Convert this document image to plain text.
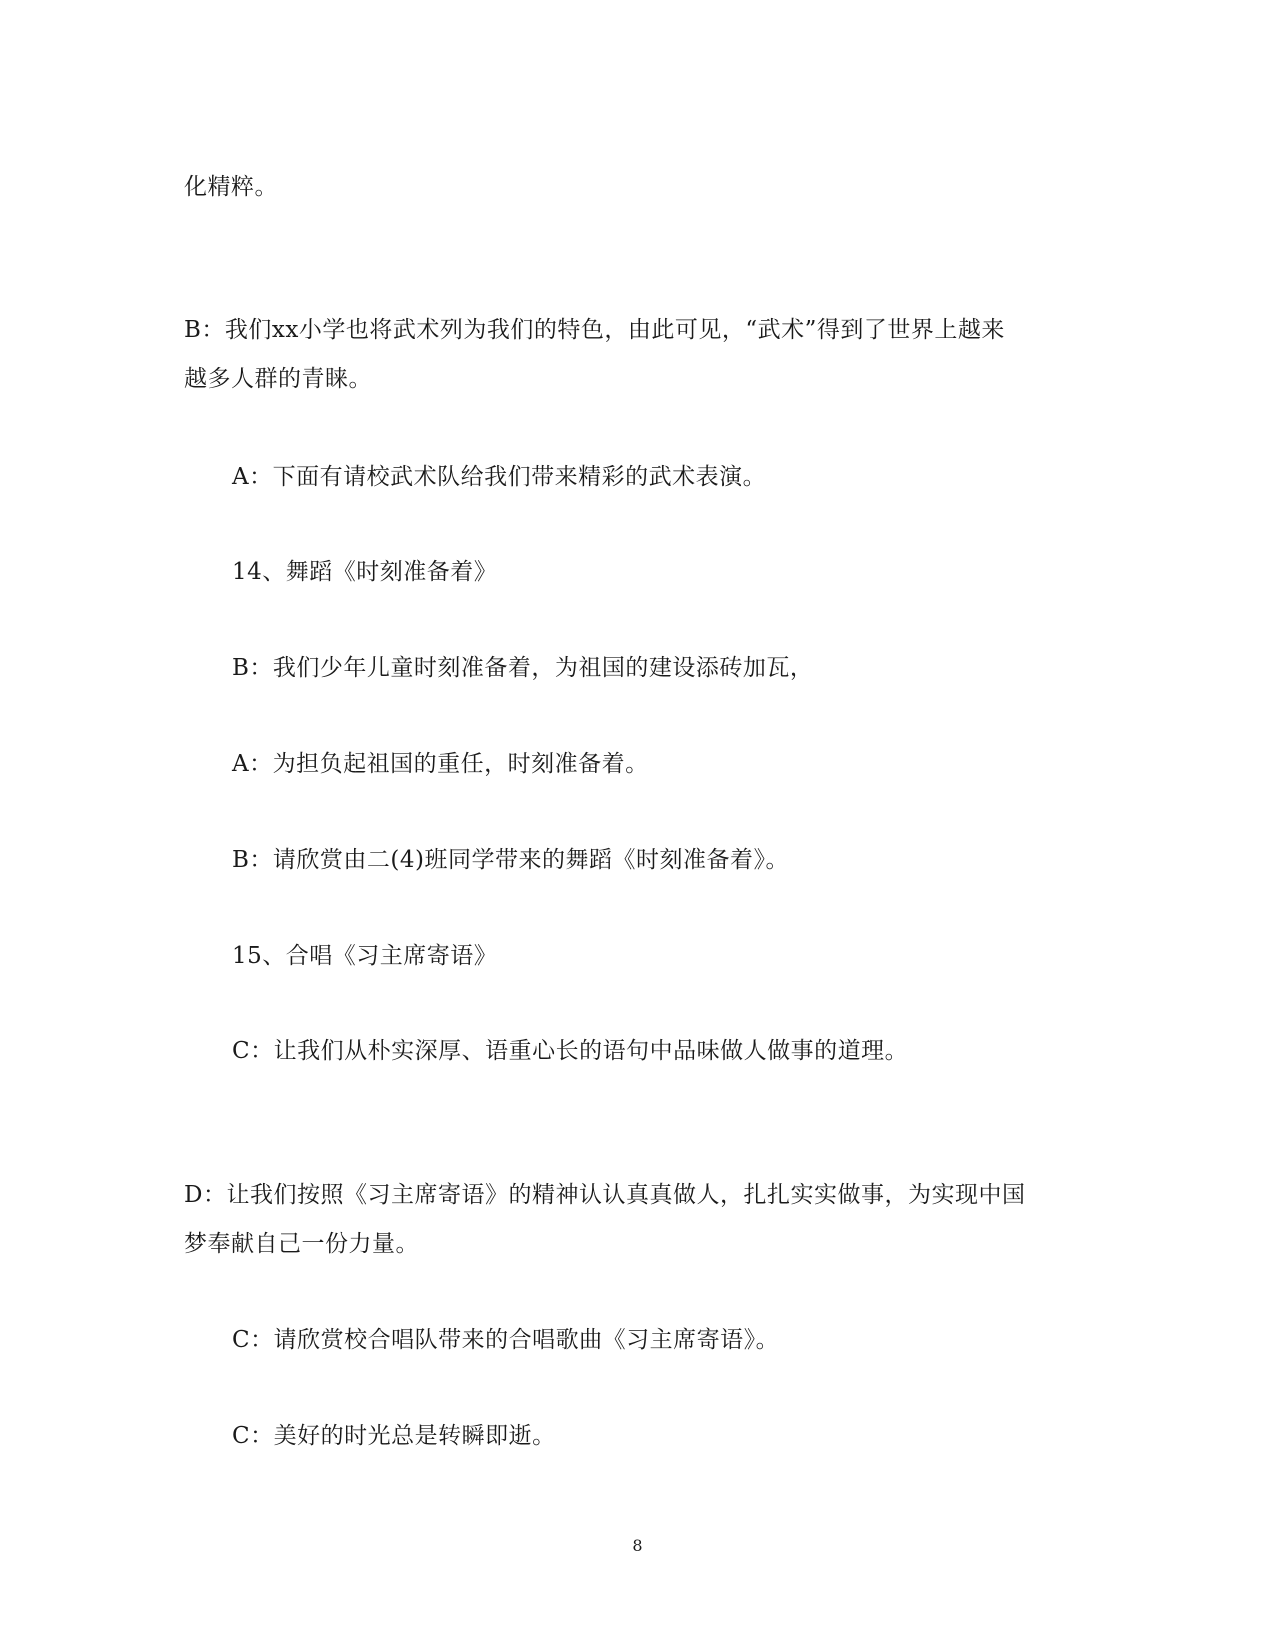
化精粹。
B：我们xx小学也将武术列为我们的特色，由此可见，“武术”得到了世界上越来
越多人群的青睐。
A：下面有请校武术队给我们带来精彩的武术表演。
14、舞蹈《时刻准备着》
B：我们少年儿童时刻准备着，为祖国的建设添砖加瓦，
A：为担负起祖国的重任，时刻准备着。
B：请欣赏由二(4)班同学带来的舞蹈《时刻准备着》。
15、合唱《习主席寄语》
C：让我们从朴实深厚、语重心长的语句中品味做人做事的道理。
D：让我们按照《习主席寄语》的精神认认真真做人，扎扎实实做事，为实现中国
梦奉献自己一份力量。
C：请欣赏校合唱队带来的合唱歌曲《习主席寄语》。
C：美好的时光总是转瞬即逝。
8
